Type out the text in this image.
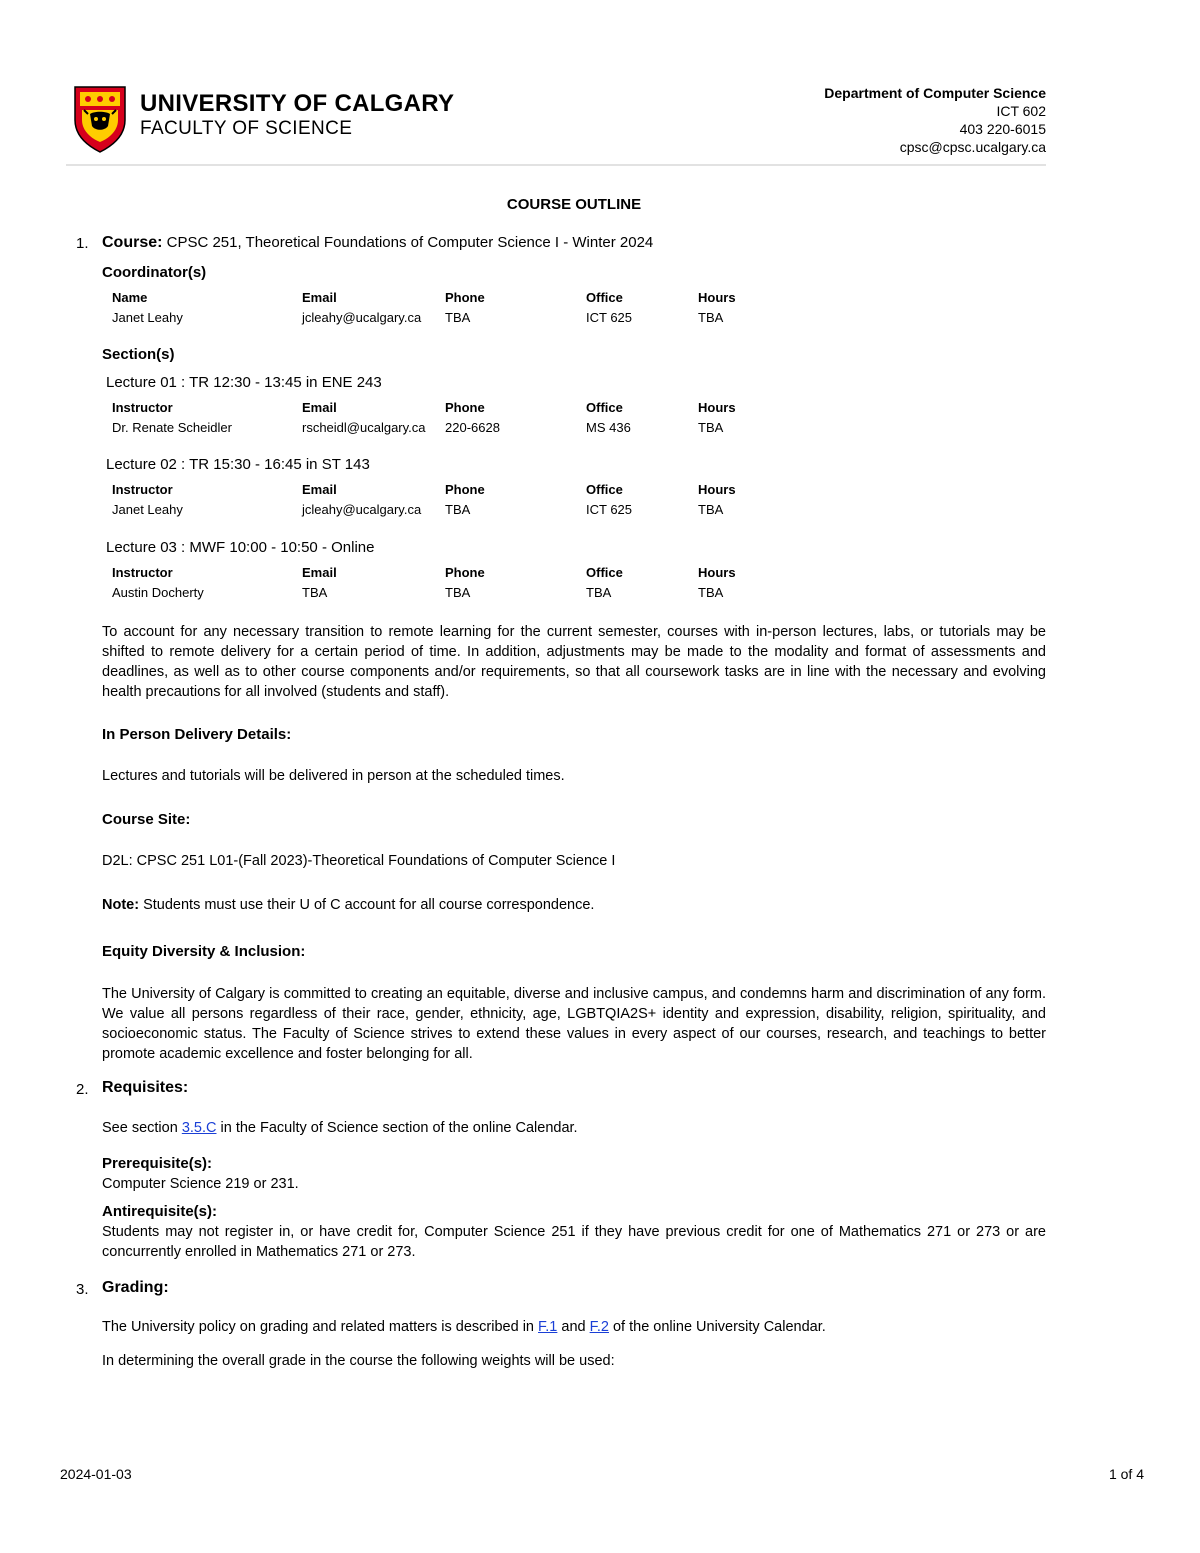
UNIVERSITY OF CALGARY
FACULTY OF SCIENCE
Department of Computer Science
ICT 602
403 220-6015
cpsc@cpsc.ucalgary.ca
COURSE OUTLINE
1. Course: CPSC 251, Theoretical Foundations of Computer Science I - Winter 2024
Coordinator(s)
Name	Email	Phone	Office	Hours
Janet Leahy	jcleahy@ucalgary.ca	TBA	ICT 625	TBA
Section(s)
Lecture 01 : TR 12:30 - 13:45 in ENE 243
Instructor	Email	Phone	Office	Hours
Dr. Renate Scheidler	rscheidl@ucalgary.ca	220-6628	MS 436	TBA
Lecture 02 : TR 15:30 - 16:45 in ST 143
Instructor	Email	Phone	Office	Hours
Janet Leahy	jcleahy@ucalgary.ca	TBA	ICT 625	TBA
Lecture 03 : MWF 10:00 - 10:50 - Online
Instructor	Email	Phone	Office	Hours
Austin Docherty	TBA	TBA	TBA	TBA
To account for any necessary transition to remote learning for the current semester, courses with in-person lectures, labs, or tutorials may be shifted to remote delivery for a certain period of time. In addition, adjustments may be made to the modality and format of assessments and deadlines, as well as to other course components and/or requirements, so that all coursework tasks are in line with the necessary and evolving health precautions for all involved (students and staff).
In Person Delivery Details:
Lectures and tutorials will be delivered in person at the scheduled times.
Course Site:
D2L: CPSC 251 L01-(Fall 2023)-Theoretical Foundations of Computer Science I
Note: Students must use their U of C account for all course correspondence.
Equity Diversity & Inclusion:
The University of Calgary is committed to creating an equitable, diverse and inclusive campus, and condemns harm and discrimination of any form. We value all persons regardless of their race, gender, ethnicity, age, LGBTQIA2S+ identity and expression, disability, religion, spirituality, and socioeconomic status. The Faculty of Science strives to extend these values in every aspect of our courses, research, and teachings to better promote academic excellence and foster belonging for all.
2. Requisites:
See section 3.5.C in the Faculty of Science section of the online Calendar.
Prerequisite(s):
Computer Science 219 or 231.
Antirequisite(s):
Students may not register in, or have credit for, Computer Science 251 if they have previous credit for one of Mathematics 271 or 273 or are concurrently enrolled in Mathematics 271 or 273.
3. Grading:
The University policy on grading and related matters is described in F.1 and F.2 of the online University Calendar.
In determining the overall grade in the course the following weights will be used:
2024-01-03	1 of 4
